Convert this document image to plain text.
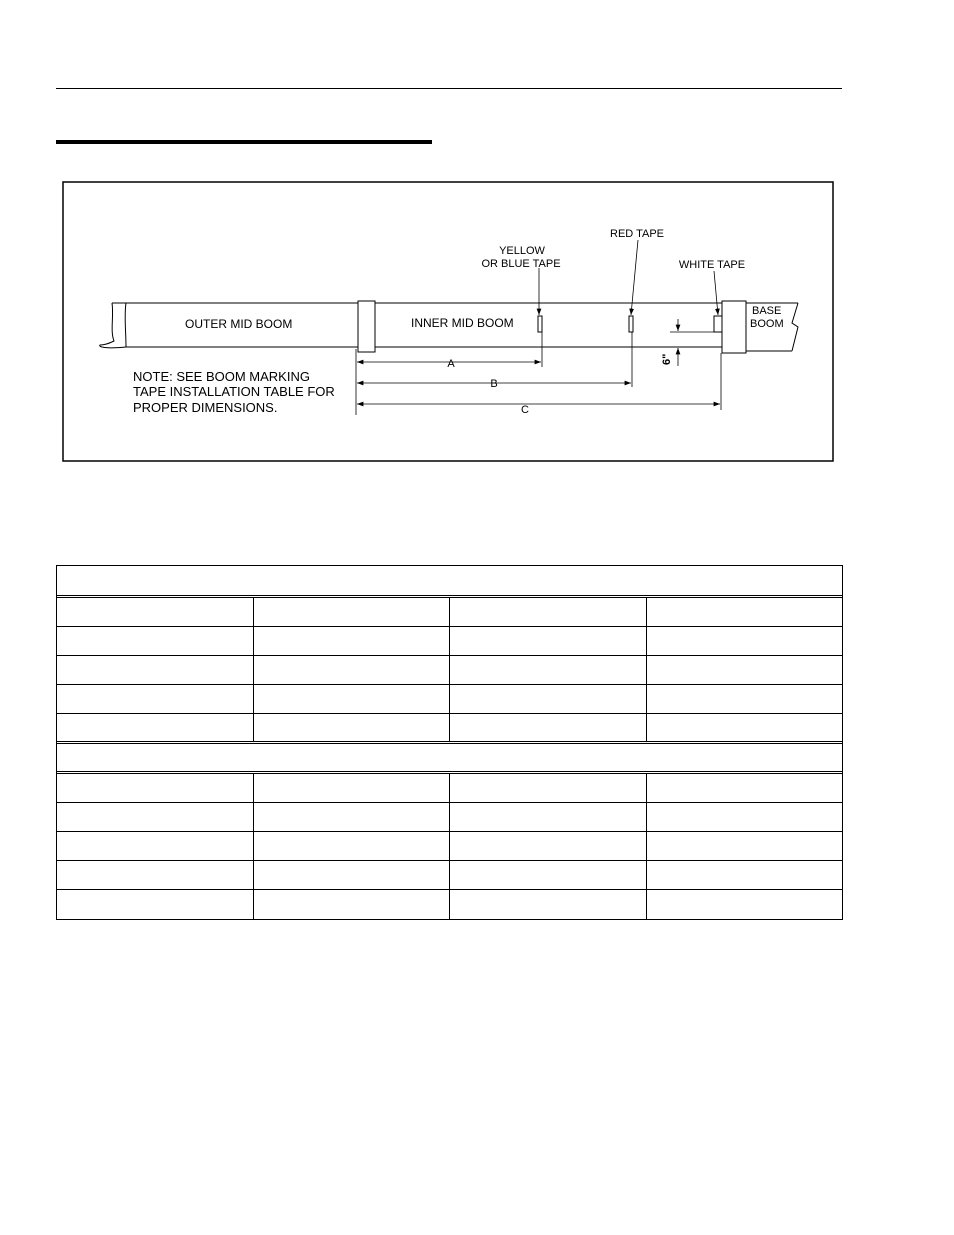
OUTER MID BOOM	INNER MID BOOM
BASE
BOOM
YELLOW
OR BLUE TAPE
RED TAPE
WHITE TAPE
A
B
C
6"
NOTE: SEE BOOM MARKING
TAPE INSTALLATION TABLE FOR
PROPER DIMENSIONS.
